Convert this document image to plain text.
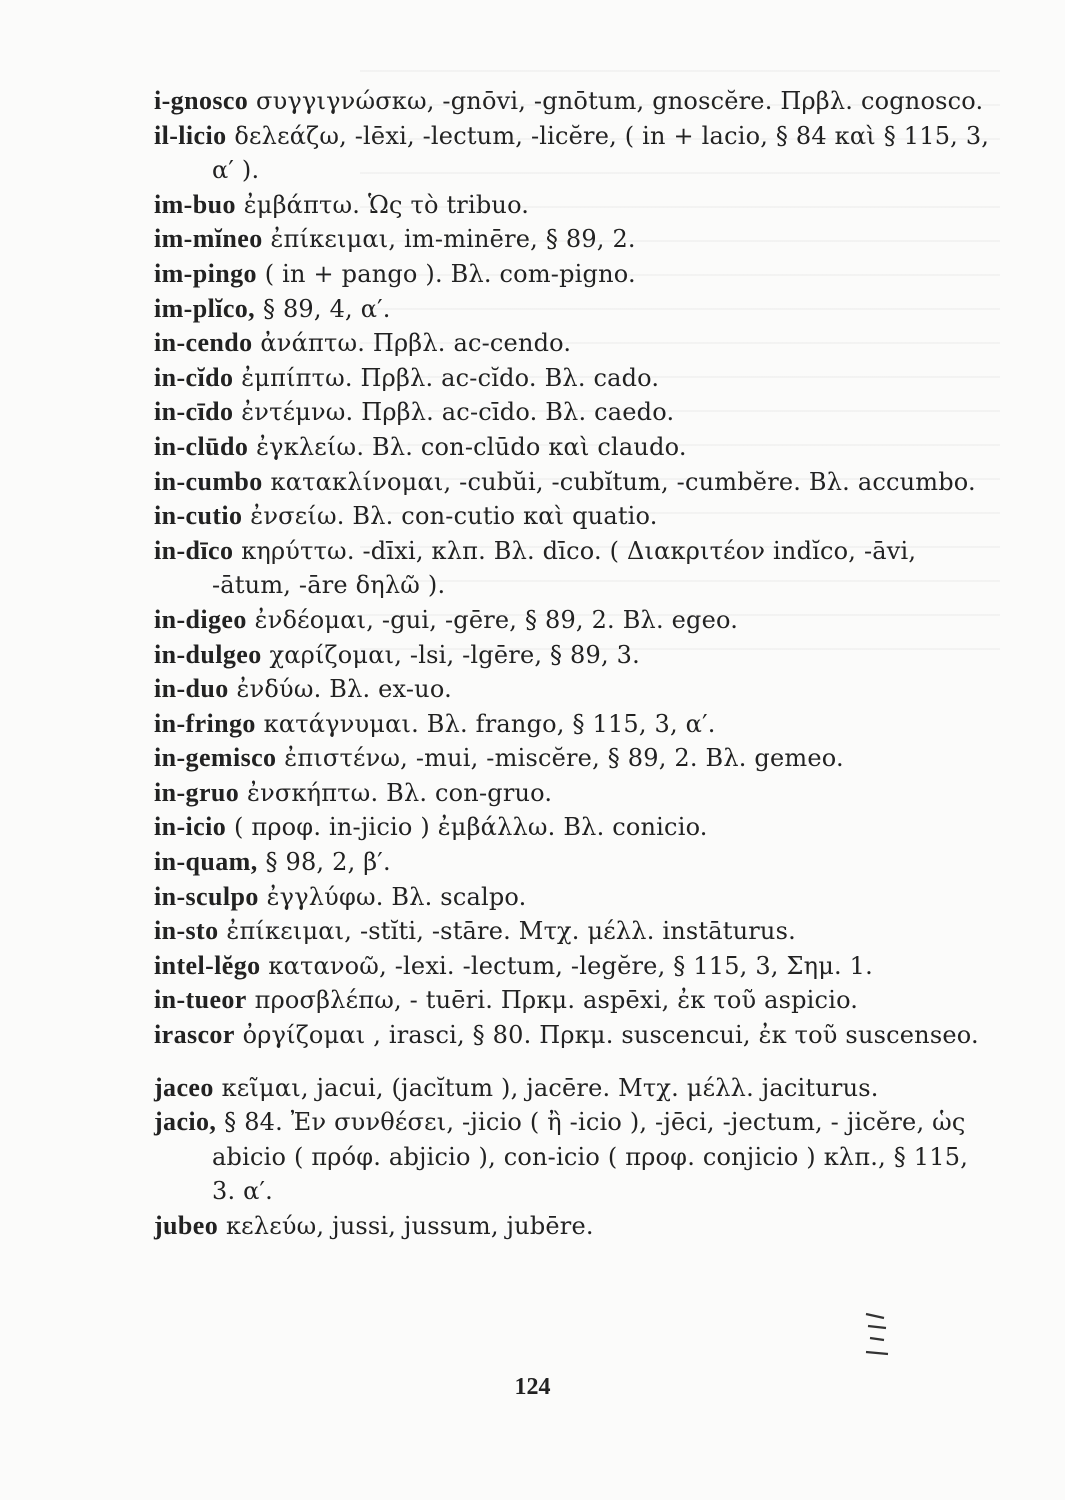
i-gnosco συγγιγνώσκω, -gnōvi, -gnōtum, gnoscĕre. Πρβλ. cognosco.

il-licio δελεάζω, -lēxi, -lectum, -licĕre, ( in + lacio, § 84 καὶ § 115, 3, α′ ).

im-buo ἐμβάπτω. Ὡς τὸ tribuo.

im-mĭneo ἐπίκειμαι, im-minēre, § 89, 2.

im-pingo ( in + pango ). Βλ. com-pigno.

im-plĭco, § 89, 4, α′.

in-cendo ἀνάπτω. Πρβλ. ac-cendo.

in-cĭdo ἐμπίπτω. Πρβλ. ac-cĭdo. Βλ. cado.

in-cīdo ἐντέμνω. Πρβλ. ac-cīdo. Βλ. caedo.

in-clūdo ἐγκλείω. Βλ. con-clūdo καὶ claudo.

in-cumbo κατακλίνομαι, -cubŭi, -cubĭtum, -cumbĕre. Βλ. accumbo.

in-cutio ἐνσείω. Βλ. con-cutio καὶ quatio.

in-dīco κηρύττω. -dīxi, κλπ. Βλ. dīco. ( Διακριτέον indĭco, -āvi, -ātum, -āre δηλῶ ).

in-digeo ἐνδέομαι, -gui, -gēre, § 89, 2. Βλ. egeo.

in-dulgeo χαρίζομαι, -lsi, -lgēre, § 89, 3.

in-duo ἐνδύω. Βλ. ex-uo.

in-fringo κατάγνυμαι. Βλ. frango, § 115, 3, α′.

in-gemisco ἐπιστένω, -mui, -miscĕre, § 89, 2. Βλ. gemeo.

in-gruo ἐνσκήπτω. Βλ. con-gruo.

in-icio ( προφ. in-jicio ) ἐμβάλλω. Βλ. conicio.

in-quam, § 98, 2, β′.

in-sculpo ἐγγλύφω. Βλ. scalpo.

in-sto ἐπίκειμαι, -stĭti, -stāre. Μτχ. μέλλ. instāturus.

intel-lĕgo κατανοῶ, -lexi. -lectum, -legĕre, § 115, 3, Σημ. 1.

in-tueor προσβλέπω, - tuēri. Πρκμ. aspēxi, ἐκ τοῦ aspicio.

irascor ὀργίζομαι , irasci, § 80. Πρκμ. suscencui, ἐκ τοῦ suscenseo.

jaceo κεῖμαι, jacui, (jacĭtum ), jacēre. Μτχ. μέλλ. jaciturus.

jacio, § 84. Ἐν συνθέσει, -jicio ( ἢ -icio ), -jēci, -jectum, - jicĕre, ὡς abicio ( πρόφ. abjicio ), con-icio ( προφ. conjicio ) κλπ., § 115, 3. α′.

jubeo κελεύω, jussi, jussum, jubēre.

124
